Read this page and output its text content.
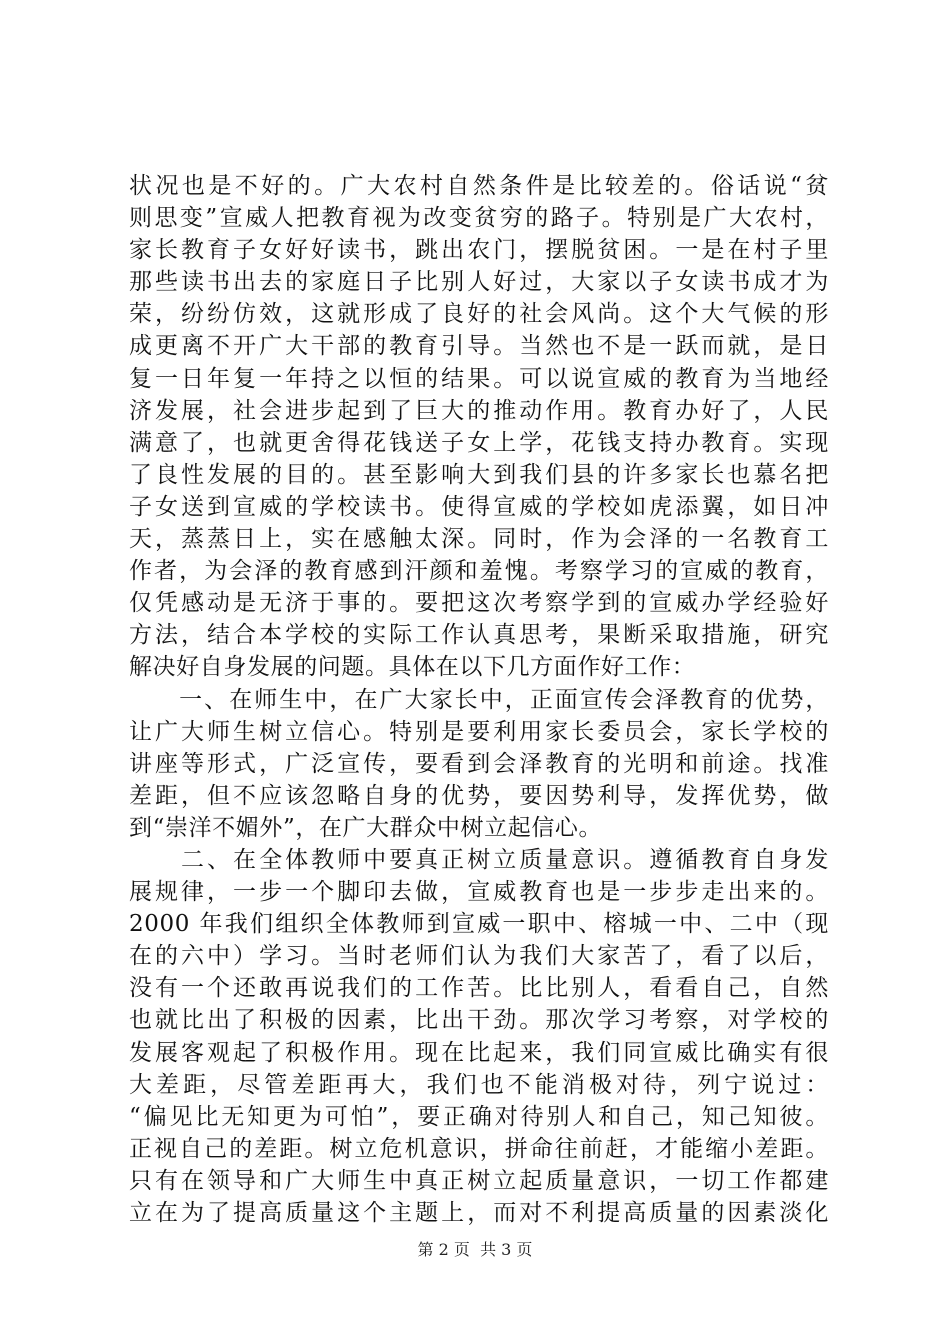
状况也是不好的。广大农村自然条件是比较差的。俗话说“贫
则思变”宣威人把教育视为改变贫穷的路子。特别是广大农村，
家长教育子女好好读书，跳出农门，摆脱贫困。一是在村子里
那些读书出去的家庭日子比别人好过，大家以子女读书成才为
荣，纷纷仿效，这就形成了良好的社会风尚。这个大气候的形
成更离不开广大干部的教育引导。当然也不是一跃而就，是日
复一日年复一年持之以恒的结果。可以说宣威的教育为当地经
济发展，社会进步起到了巨大的推动作用。教育办好了，人民
满意了，也就更舍得花钱送子女上学，花钱支持办教育。实现
了良性发展的目的。甚至影响大到我们县的许多家长也慕名把
子女送到宣威的学校读书。使得宣威的学校如虎添翼，如日冲
天，蒸蒸日上，实在感触太深。同时，作为会泽的一名教育工
作者，为会泽的教育感到汗颜和羞愧。考察学习的宣威的教育，
仅凭感动是无济于事的。要把这次考察学到的宣威办学经验好
方法，结合本学校的实际工作认真思考，果断采取措施，研究
解决好自身发展的问题。具体在以下几方面作好工作：
　　一、在师生中，在广大家长中，正面宣传会泽教育的优势，
让广大师生树立信心。特别是要利用家长委员会，家长学校的
讲座等形式，广泛宣传，要看到会泽教育的光明和前途。找准
差距，但不应该忽略自身的优势，要因势利导，发挥优势，做
到“崇洋不媚外”，在广大群众中树立起信心。
　　二、在全体教师中要真正树立质量意识。遵循教育自身发
展规律，一步一个脚印去做，宣威教育也是一步步走出来的。
2000 年我们组织全体教师到宣威一职中、榕城一中、二中（现
在的六中）学习。当时老师们认为我们大家苦了，看了以后，
没有一个还敢再说我们的工作苦。比比别人，看看自己，自然
也就比出了积极的因素，比出干劲。那次学习考察，对学校的
发展客观起了积极作用。现在比起来，我们同宣威比确实有很
大差距，尽管差距再大，我们也不能消极对待，列宁说过：
“偏见比无知更为可怕”，要正确对待别人和自己，知己知彼。
正视自己的差距。树立危机意识，拼命往前赶，才能缩小差距。
只有在领导和广大师生中真正树立起质量意识，一切工作都建
立在为了提高质量这个主题上，而对不利提高质量的因素淡化
第 2 页  共 3 页
